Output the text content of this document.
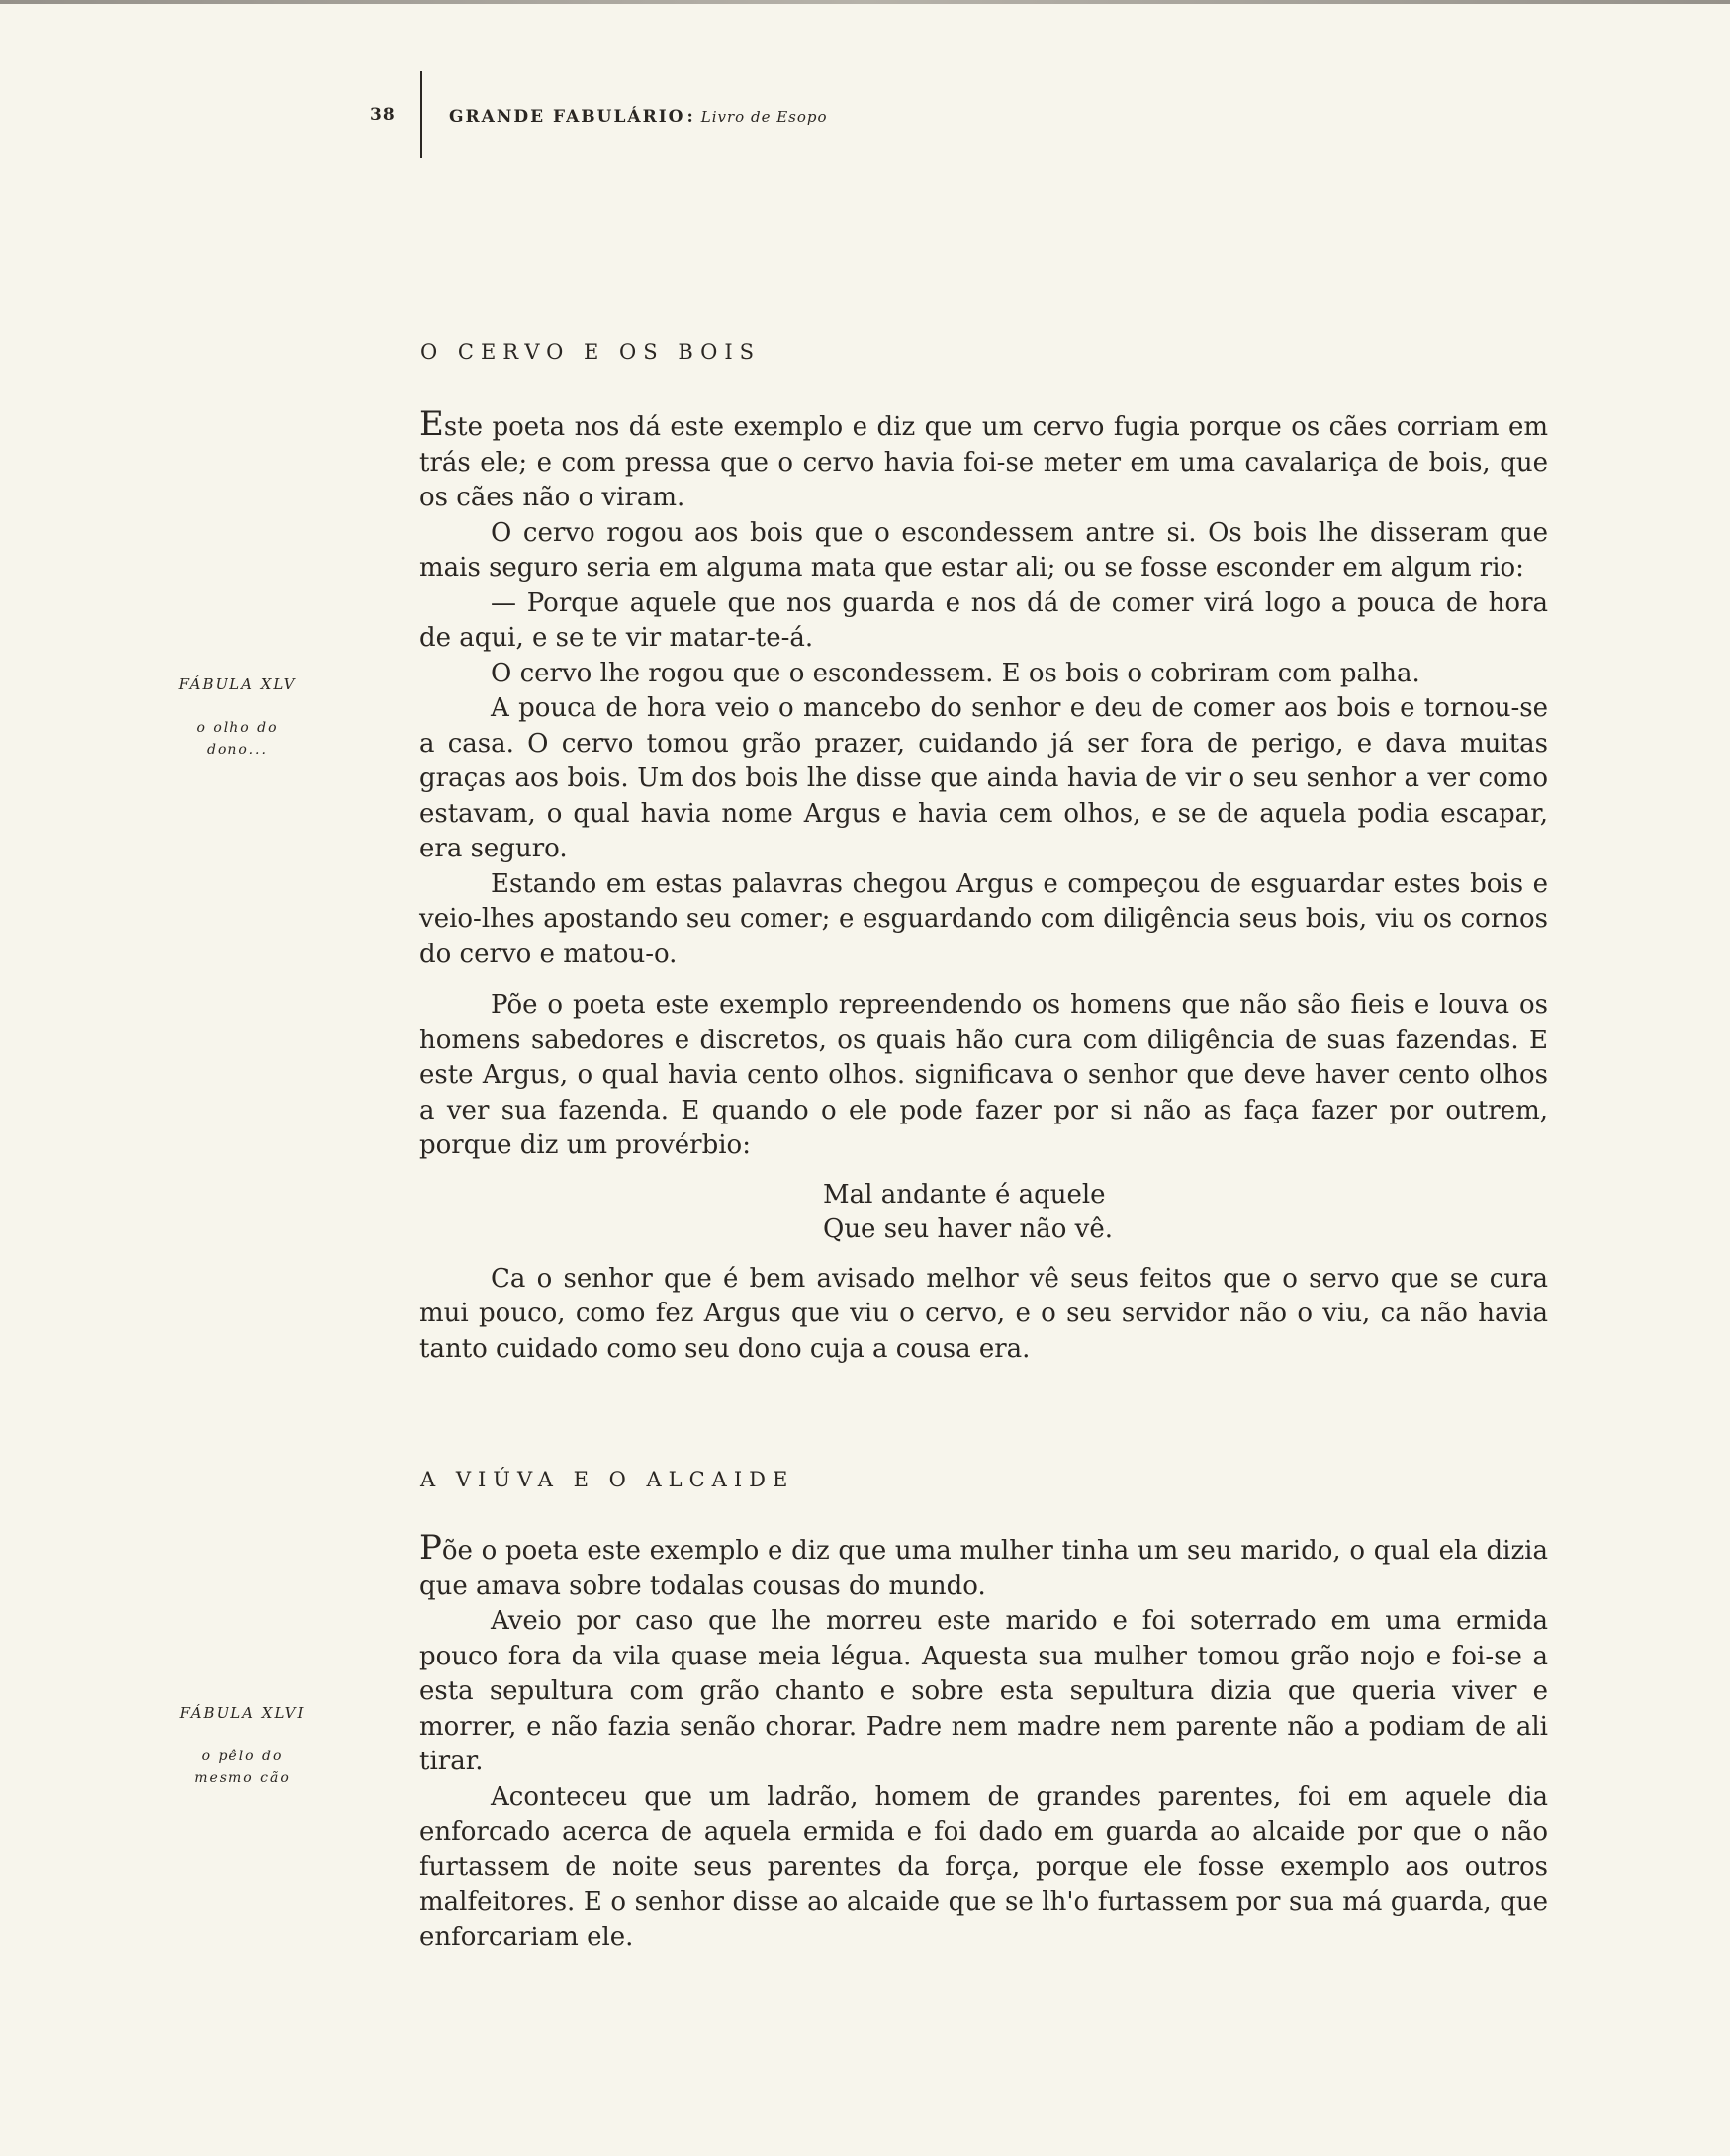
38	GRANDE FABULÁRIO : Livro de Esopo
O CERVO E OS BOIS
FÁBULA XLV
o olho do dono...

Este poeta nos dá este exemplo e diz que um cervo fugia porque os cães corriam em trás ele; e com pressa que o cervo havia foi-se meter em uma cavalariça de bois, que os cães não o viram.

O cervo rogou aos bois que o escondessem antre si. Os bois lhe disseram que mais seguro seria em alguma mata que estar ali; ou se fosse esconder em algum rio:

— Porque aquele que nos guarda e nos dá de comer virá logo a pouca de hora de aqui, e se te vir matar-te-á.

O cervo lhe rogou que o escondessem. E os bois o cobriram com palha.

A pouca de hora veio o mancebo do senhor e deu de comer aos bois e tornou-se a casa. O cervo tomou grão prazer, cuidando já ser fora de perigo, e dava muitas graças aos bois. Um dos bois lhe disse que ainda havia de vir o seu senhor a ver como estavam, o qual havia nome Argus e havia cem olhos, e se de aquela podia escapar, era seguro.

Estando em estas palavras chegou Argus e compeçou de esguardar estes bois e veio-lhes apostando seu comer; e esguardando com diligência seus bois, viu os cornos do cervo e matou-o.

Põe o poeta este exemplo repreendendo os homens que não são fieis e louva os homens sabedores e discretos, os quais hão cura com diligência de suas fazendas. E este Argus, o qual havia cento olhos. significava o senhor que deve haver cento olhos a ver sua fazenda. E quando o ele pode fazer por si não as faça fazer por outrem, porque diz um provérbio:

Mal andante é aquele
Que seu haver não vê.

Ca o senhor que é bem avisado melhor vê seus feitos que o servo que se cura mui pouco, como fez Argus que viu o cervo, e o seu servidor não o viu, ca não havia tanto cuidado como seu dono cuja a cousa era.

A VIÚVA E O ALCAIDE
FÁBULA XLVI
o pêlo do mesmo cão

Põe o poeta este exemplo e diz que uma mulher tinha um seu marido, o qual ela dizia que amava sobre todalas cousas do mundo.

Aveio por caso que lhe morreu este marido e foi soterrado em uma ermida pouco fora da vila quase meia légua. Aquesta sua mulher tomou grão nojo e foi-se a esta sepultura com grão chanto e sobre esta sepultura dizia que queria viver e morrer, e não fazia senão chorar. Padre nem madre nem parente não a podiam de ali tirar.

Aconteceu que um ladrão, homem de grandes parentes, foi em aquele dia enforcado acerca de aquela ermida e foi dado em guarda ao alcaide por que o não furtassem de noite seus parentes da força, porque ele fosse exemplo aos outros malfeitores. E o senhor disse ao alcaide que se lh'o furtassem por sua má guarda, que enforcariam ele.
